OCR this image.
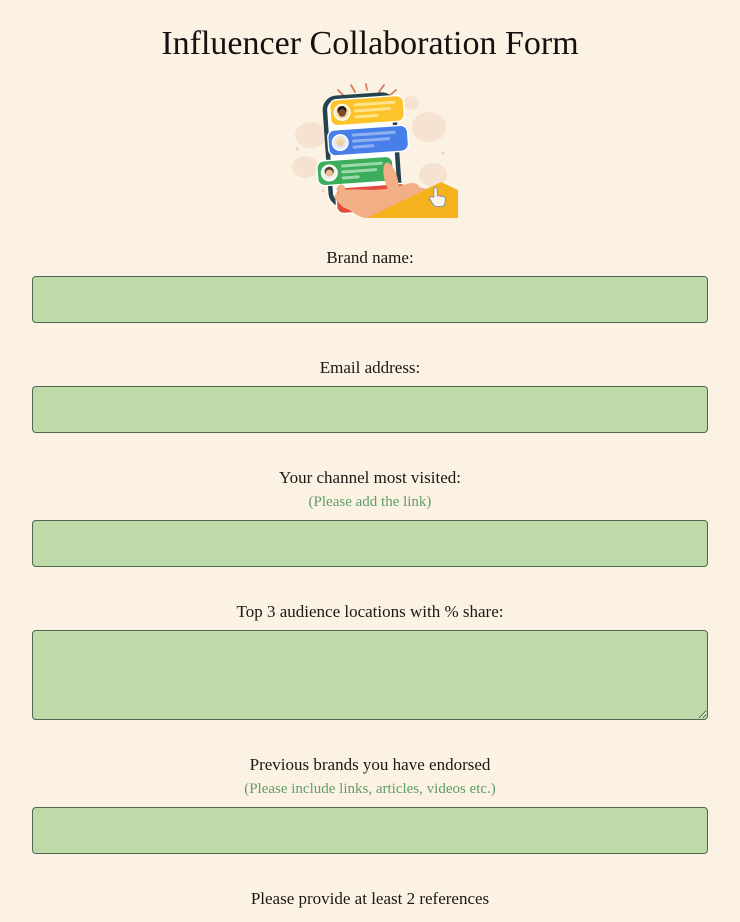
Influencer Collaboration Form
Brand name:
Email address:
Your channel most visited:
(Please add the link)
Top 3 audience locations with % share:
Previous brands you have endorsed
(Please include links, articles, videos etc.)
Please provide at least 2 references
